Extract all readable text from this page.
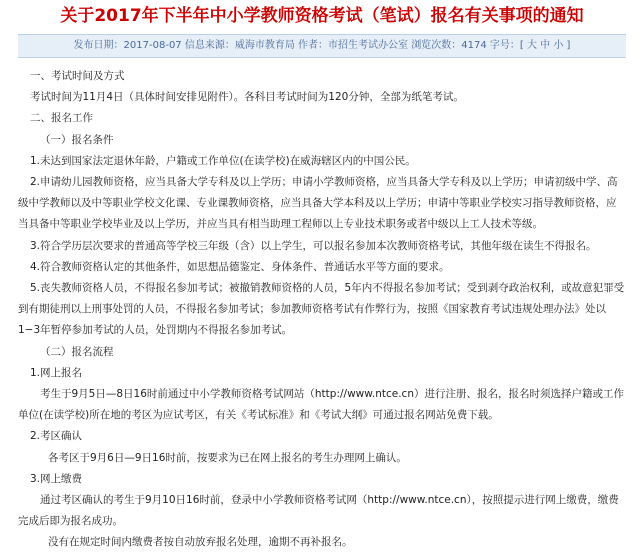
关于2017年下半年中小学教师资格考试（笔试）报名有关事项的通知
发布日期：2017-08-07 信息来源：威海市教育局 作者：市招生考试办公室 浏览次数：4174 字号：[ 大 中 小 ]

一、考试时间及方式

考试时间为11月4日（具体时间安排见附件）。各科目考试时间为120分钟，全部为纸笔考试。

二、报名工作

（一）报名条件

1.未达到国家法定退休年龄，户籍或工作单位(在读学校)在威海辖区内的中国公民。

2.申请幼儿园教师资格，应当具备大学专科及以上学历；申请小学教师资格，应当具备大学专科及以上学历；申请初级中学、高级中学教师以及中等职业学校文化课、专业课教师资格，应当具备大学本科及以上学历；申请中等职业学校实习指导教师资格，应当具备中等职业学校毕业及以上学历，并应当具有相当助理工程师以上专业技术职务或者中级以上工人技术等级。

3.符合学历层次要求的普通高等学校三年级（含）以上学生，可以报名参加本次教师资格考试，其他年级在读生不得报名。

4.符合教师资格认定的其他条件，如思想品德鉴定、身体条件、普通话水平等方面的要求。

5.丧失教师资格人员，不得报名参加考试；被撤销教师资格的人员，5年内不得报名参加考试；受到剥夺政治权利，或故意犯罪受到有期徒刑以上刑事处罚的人员，不得报名参加考试；参加教师资格考试有作弊行为，按照《国家教育考试违规处理办法》处以1−3年暂停参加考试的人员，处罚期内不得报名参加考试。

（二）报名流程

1.网上报名

考生于9月5日—8日16时前通过中小学教师资格考试网站（http://www.ntce.cn）进行注册、报名，报名时须选择户籍或工作单位(在读学校)所在地的考区为应试考区，有关《考试标准》和《考试大纲》可通过报名网站免费下载。

2.考区确认

各考区于9月6日—9日16时前，按要求为已在网上报名的考生办理网上确认。

3.网上缴费

通过考区确认的考生于9月10日16时前，登录中小学教师资格考试网（http://www.ntce.cn），按照提示进行网上缴费，缴费完成后即为报名成功。

没有在规定时间内缴费者按自动放弃报名处理，逾期不再补报名。
